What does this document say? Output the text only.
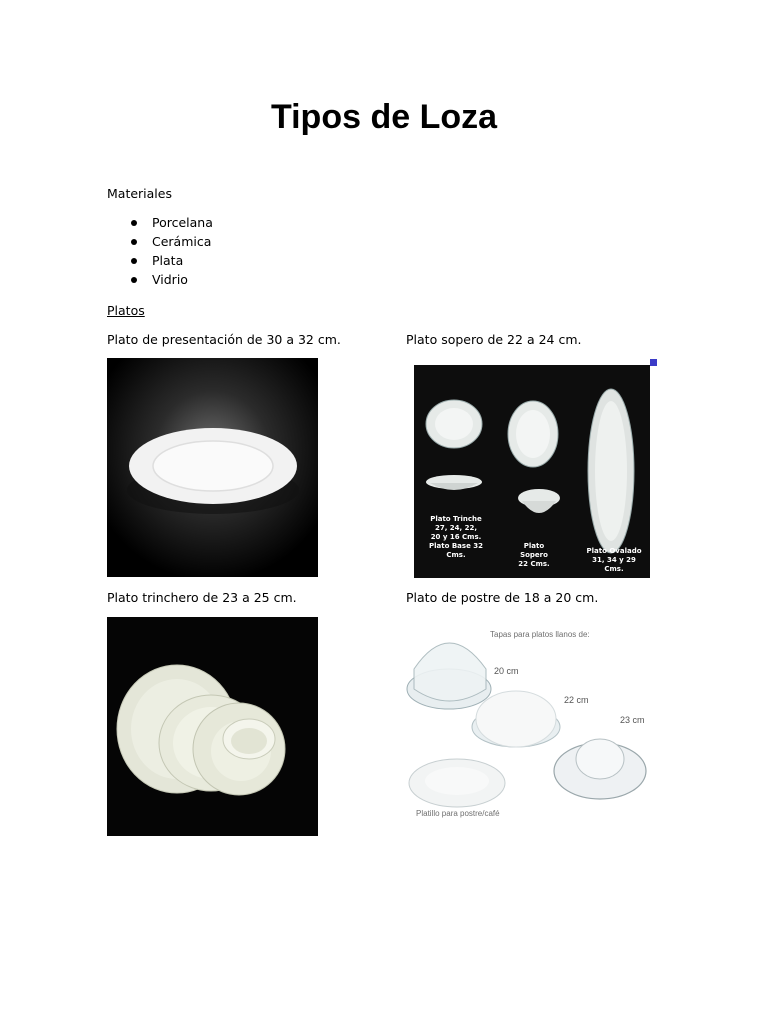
Tipos de Loza
Materiales
Porcelana
Cerámica
Plata
Vidrio
Platos
Plato de presentación de 30 a 32 cm.	Plato sopero de 22 a 24 cm.
Plato trinchero de 23 a 25 cm.	Plato de postre de 18 a 20 cm.
Plato Trinche
27, 24, 22,
20 y 16 Cms.
Plato Base 32 Cms.
Plato Sopero
22 Cms.
Plato Ovalado
31, 34 y 29 Cms.
Tapas para platos llanos de:
20 cm
22 cm
23 cm
Platillo para postre/café
